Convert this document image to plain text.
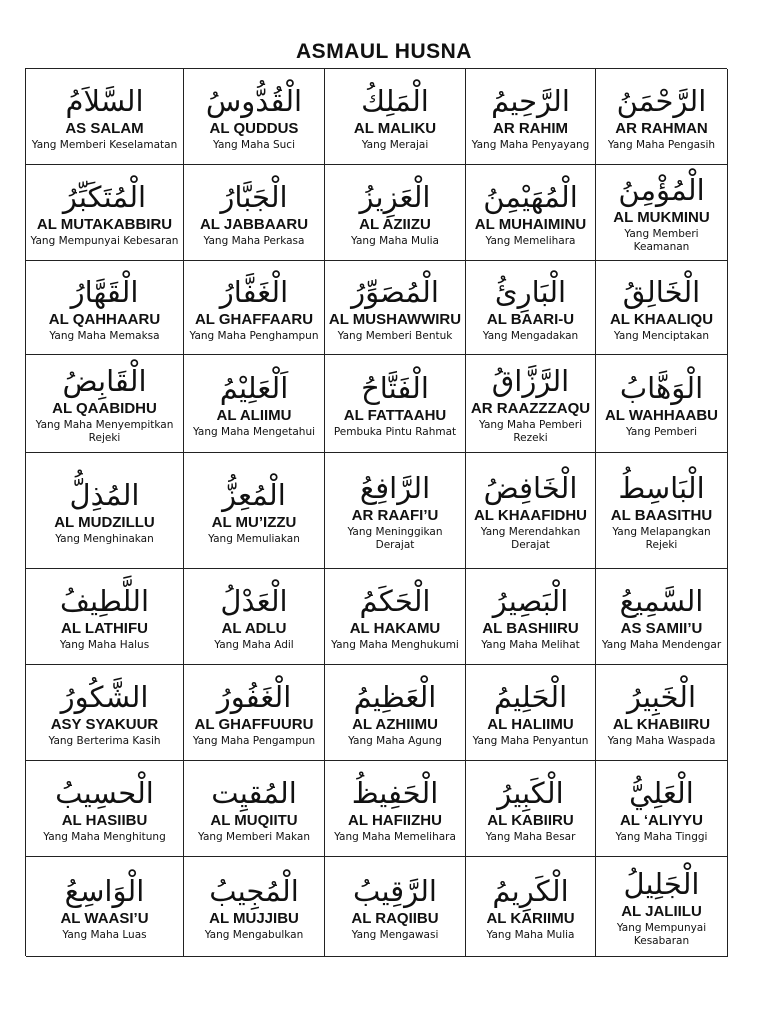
ASMAUL HUSNA
السَّلاَمُ
AS SALAM
Yang Memberi Keselamatan
الْقُدُّوسُ
AL QUDDUS
Yang Maha Suci
الْمَلِكُ
AL MALIKU
Yang Merajai
الرَّحِيمُ
AR RAHIM
Yang Maha Penyayang
الرَّحْمَنُ
AR RAHMAN
Yang Maha Pengasih
الْمُتَكَبِّرُ
AL MUTAKABBIRU
Yang Mempunyai Kebesaran
الْجَبَّارُ
AL JABBAARU
Yang Maha Perkasa
الْعَزِيزُ
AL AZIIZU
Yang Maha Mulia
الْمُهَيْمِنُ
AL MUHAIMINU
Yang Memelihara
الْمُؤْمِنُ
AL MUKMINU
Yang Memberi Keamanan
الْقَهَّارُ
AL QAHHAARU
Yang Maha Memaksa
الْغَفَّارُ
AL GHAFFAARU
Yang Maha Penghampun
الْمُصَوِّرُ
AL MUSHAWWIRU
Yang Memberi Bentuk
الْبَارِئُ
AL BAARI-U
Yang Mengadakan
الْخَالِقُ
AL KHAALIQU
Yang Menciptakan
الْقَابِضُ
AL QAABIDHU
Yang Maha Menyempitkan Rejeki
اَلْعَلِيْمُ
AL ALIIMU
Yang Maha Mengetahui
الْفَتَّاحُ
AL FATTAAHU
Pembuka Pintu Rahmat
الرَّزَّاقُ
AR RAAZZZAQU
Yang Maha Pemberi Rezeki
الْوَهَّابُ
AL WAHHAABU
Yang Pemberi
المُذِلُّ
AL MUDZILLU
Yang Menghinakan
الْمُعِزُّ
AL MU’IZZU
Yang Memuliakan
الرَّافِعُ
AR RAAFI’U
Yang Meninggikan Derajat
الْخَافِضُ
AL KHAAFIDHU
Yang Merendahkan Derajat
الْبَاسِطُ
AL BAASITHU
Yang Melapangkan Rejeki
اللَّطِيفُ
AL LATHIFU
Yang Maha Halus
الْعَدْلُ
AL ADLU
Yang Maha Adil
الْحَكَمُ
AL HAKAMU
Yang Maha Menghukumi
الْبَصِيرُ
AL BASHIIRU
Yang Maha Melihat
السَّمِيعُ
AS SAMII’U
Yang Maha Mendengar
الشَّكُورُ
ASY SYAKUUR
Yang Berterima Kasih
الْغَفُورُ
AL GHAFFUURU
Yang Maha Pengampun
الْعَظِيمُ
AL AZHIIMU
Yang Maha Agung
الْحَلِيمُ
AL HALIIMU
Yang Maha Penyantun
الْخَبِيرُ
AL KHABIIRU
Yang Maha Waspada
الْحسِيبُ
AL HASIIBU
Yang Maha Menghitung
المُقيِت
AL MUQIITU
Yang Memberi Makan
الْحَفِيظُ
AL HAFIIZHU
Yang Maha Memelihara
الْكَبِيرُ
AL KABIIRU
Yang Maha Besar
الْعَلِيُّ
AL ‘ALIYYU
Yang Maha Tinggi
الْوَاسِعُ
AL WAASI’U
Yang Maha Luas
الْمُجِيبُ
AL MUJJIBU
Yang Mengabulkan
الرَّقِيبُ
AL RAQIIBU
Yang Mengawasi
الْكَرِيمُ
AL KARIIMU
Yang Maha Mulia
الْجَلِيلُ
AL JALIILU
Yang Mempunyai Kesabaran
